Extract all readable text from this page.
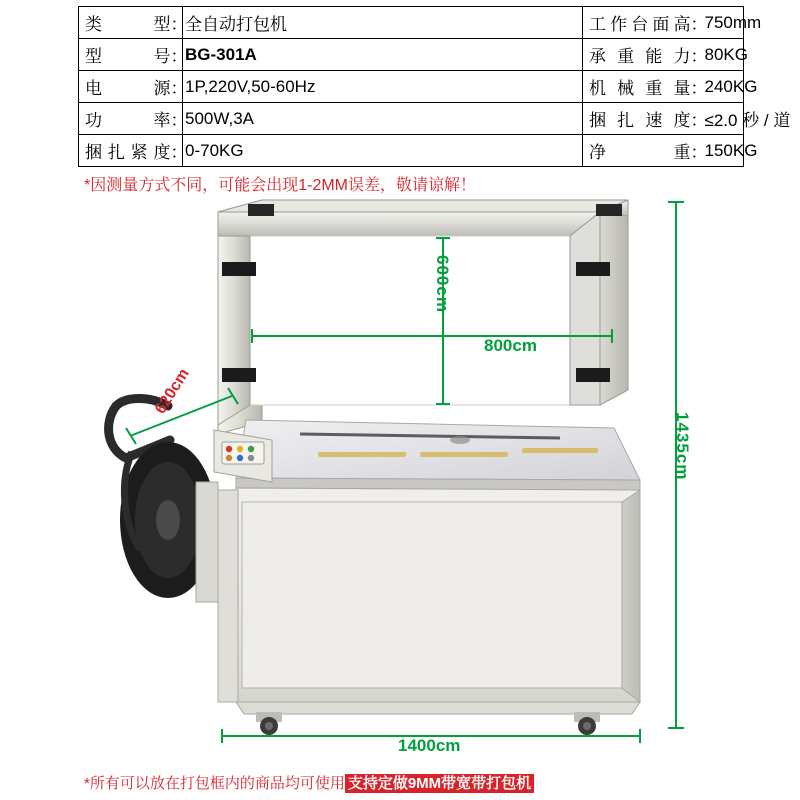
类型	：	全自动打包机	工作台面高	：	750mm
型号	：	BG-301A	承重能力	：	80KG
电源	：	1P,220V,50-60Hz	机械重量	：	240KG
功率	：	500W,3A	捆扎速度	：	≤2.0 秒 / 道
捆扎紧度	：	0-70KG	净重	：	150KG
*因测量方式不同，可能会出现1-2MM误差，敬请谅解！
600cm
800cm
1435cm
1400cm
620cm
*所有可以放在打包框内的商品均可使用 支持定做9MM带宽带打包机
